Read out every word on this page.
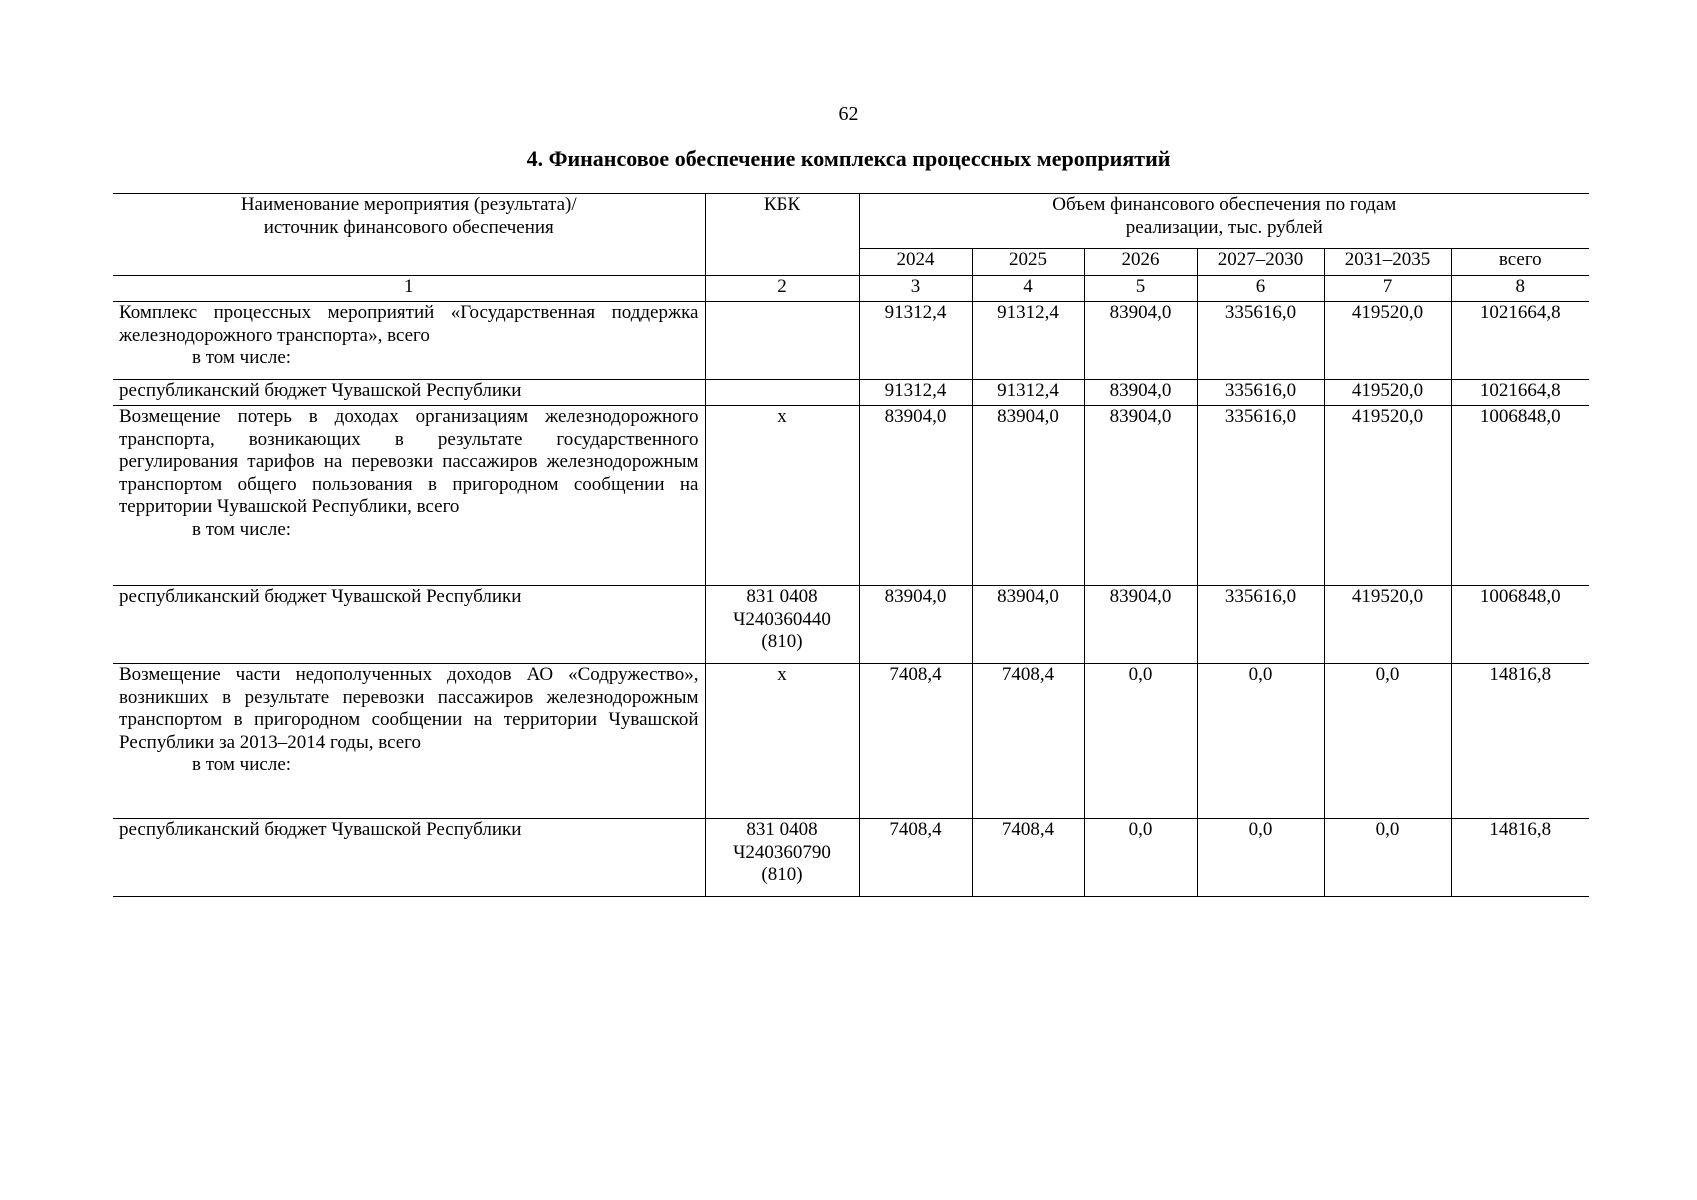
62
4. Финансовое обеспечение комплекса процессных мероприятий
Наименование мероприятия (результата)/
источник финансового обеспечения	КБК	Объем финансового обеспечения по годам
реализации, тыс. рублей					

		2024	2025	2026	2027–2030	2031–2035	всего
1	2	3	4	5	6	7	8

Комплекс процессных мероприятий «Государственная поддержка железнодорожного транспорта», всего
в том числе:		91312,4	91312,4	83904,0	335616,0	419520,0	1021664,8

республиканский бюджет Чувашской Республики		91312,4	91312,4	83904,0	335616,0	419520,0	1021664,8

Возмещение потерь в доходах организациям железнодорожного транспорта, возникающих в результате государственного регулирования тарифов на перевозки пассажиров железнодорожным транспортом общего пользования в пригородном сообщении на территории Чувашской Республики, всего
в том числе:	х	83904,0	83904,0	83904,0	335616,0	419520,0	1006848,0

республиканский бюджет Чувашской Республики	831 0408
Ч240360440
(810)	83904,0	83904,0	83904,0	335616,0	419520,0	1006848,0

Возмещение части недополученных доходов АО «Содружество», возникших в результате перевозки пассажиров железнодорожным транспортом в пригородном сообщении на территории Чувашской Республики за 2013–2014 годы, всего
в том числе:	х	7408,4	7408,4	0,0	0,0	0,0	14816,8

республиканский бюджет Чувашской Республики	831 0408
Ч240360790
(810)	7408,4	7408,4	0,0	0,0	0,0	14816,8
